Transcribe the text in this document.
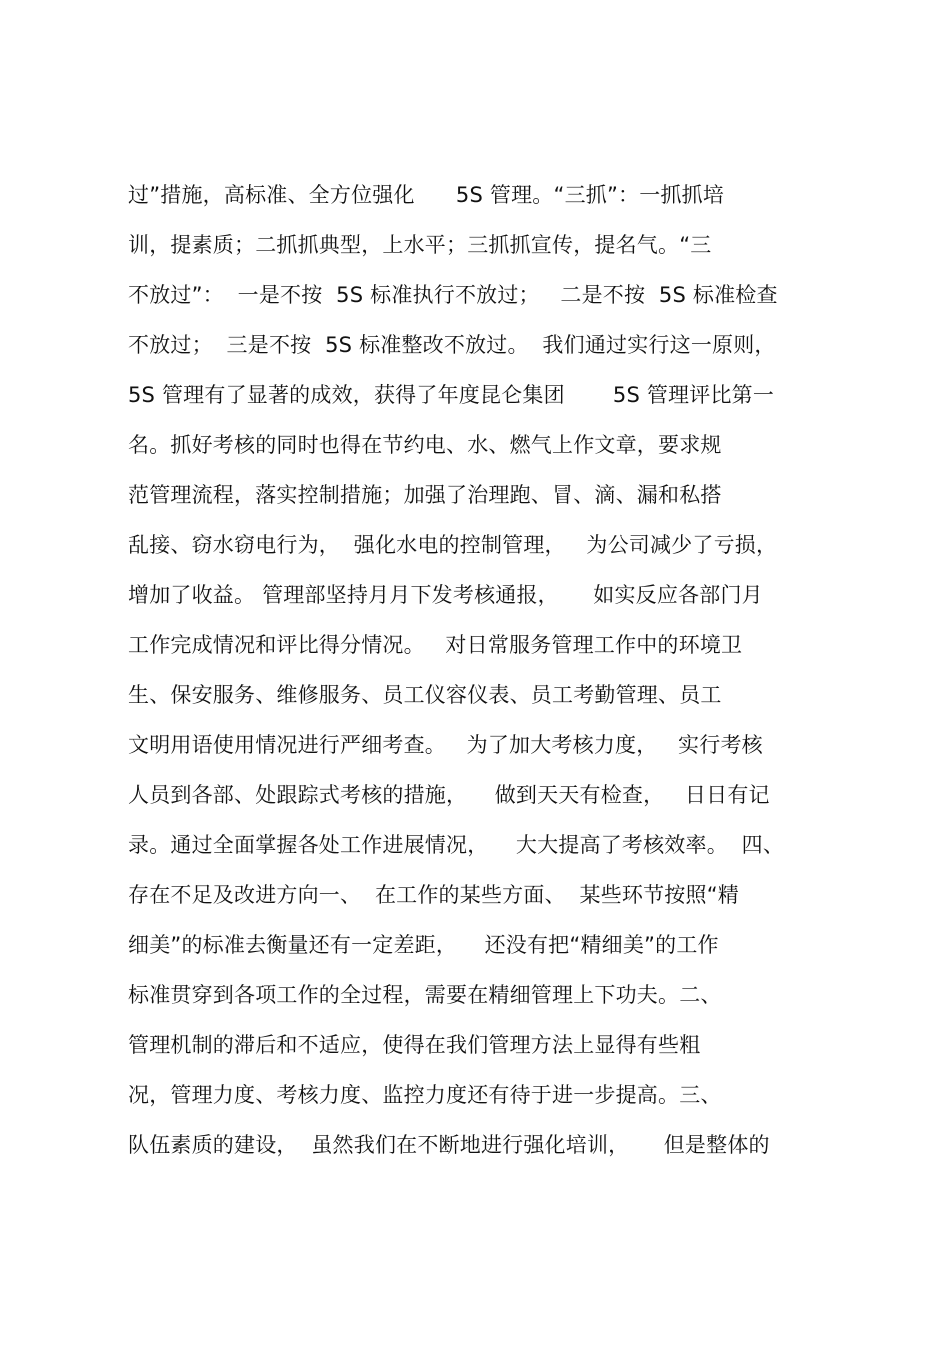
过”措施，高标准、全方位强化      5S 管理。“三抓”：一抓抓培
训，提素质；二抓抓典型，上水平；三抓抓宣传，提名气。“三
不放过”：  一是不按  5S 标准执行不放过；   二是不按  5S 标准检查
不放过；  三是不按  5S 标准整改不放过。  我们通过实行这一原则，
5S 管理有了显著的成效，获得了年度昆仑集团       5S 管理评比第一
名。抓好考核的同时也得在节约电、水、燃气上作文章，要求规
范管理流程，落实控制措施；加强了治理跑、冒、滴、漏和私搭
乱接、窃水窃电行为，  强化水电的控制管理，   为公司减少了亏损，
增加了收益。 管理部坚持月月下发考核通报，     如实反应各部门月
工作完成情况和评比得分情况。   对日常服务管理工作中的环境卫
生、保安服务、维修服务、员工仪容仪表、员工考勤管理、员工
文明用语使用情况进行严细考查。   为了加大考核力度，   实行考核
人员到各部、处跟踪式考核的措施，    做到天天有检查，   日日有记
录。通过全面掌握各处工作进展情况，    大大提高了考核效率。  四、
存在不足及改进方向一、  在工作的某些方面、  某些环节按照“精
细美”的标准去衡量还有一定差距，    还没有把“精细美”的工作
标准贯穿到各项工作的全过程，需要在精细管理上下功夫。二、
管理机制的滞后和不适应，使得在我们管理方法上显得有些粗
况，管理力度、考核力度、监控力度还有待于进一步提高。三、
队伍素质的建设，  虽然我们在不断地进行强化培训，     但是整体的
